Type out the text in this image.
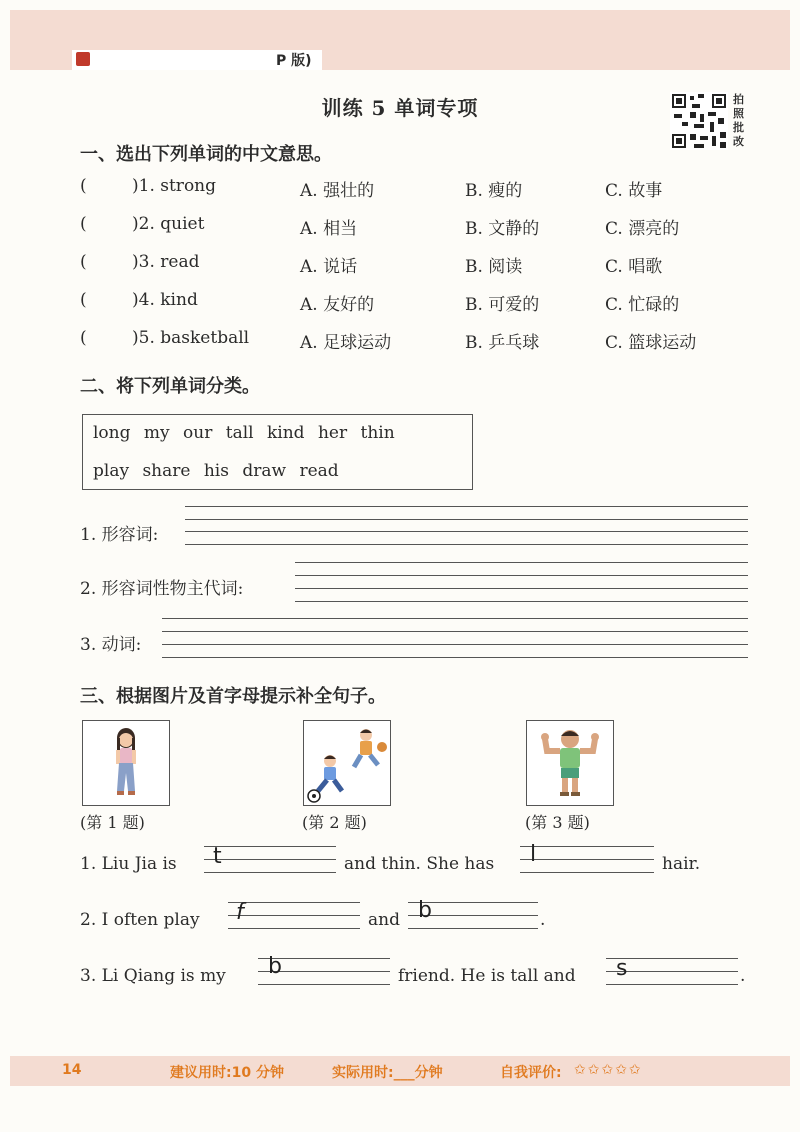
P 版)
训练 5 单词专项	拍照批改
一、选出下列单词的中文意思。
(	)1. strong	A. 强壮的	B. 瘦的	C. 故事
(	)2. quiet	A. 相当	B. 文静的	C. 漂亮的
(	)3. read	A. 说话	B. 阅读	C. 唱歌
(	)4. kind	A. 友好的	B. 可爱的	C. 忙碌的
(	)5. basketball	A. 足球运动	B. 乒乓球	C. 篮球运动
二、将下列单词分类。
long my our tall kind her thin
play share his draw read
1. 形容词:
2. 形容词性物主代词:
3. 动词:
三、根据图片及首字母提示补全句子。
(第 1 题)	(第 2 题)	(第 3 题)
1. Liu Jia is t	and thin. She has l	hair.
2. I often play f	and b	.
3. Li Qiang is my b	friend. He is tall and s	.
14	建议用时:10 分钟	实际用时:___分钟	自我评价: ✩✩✩✩✩
